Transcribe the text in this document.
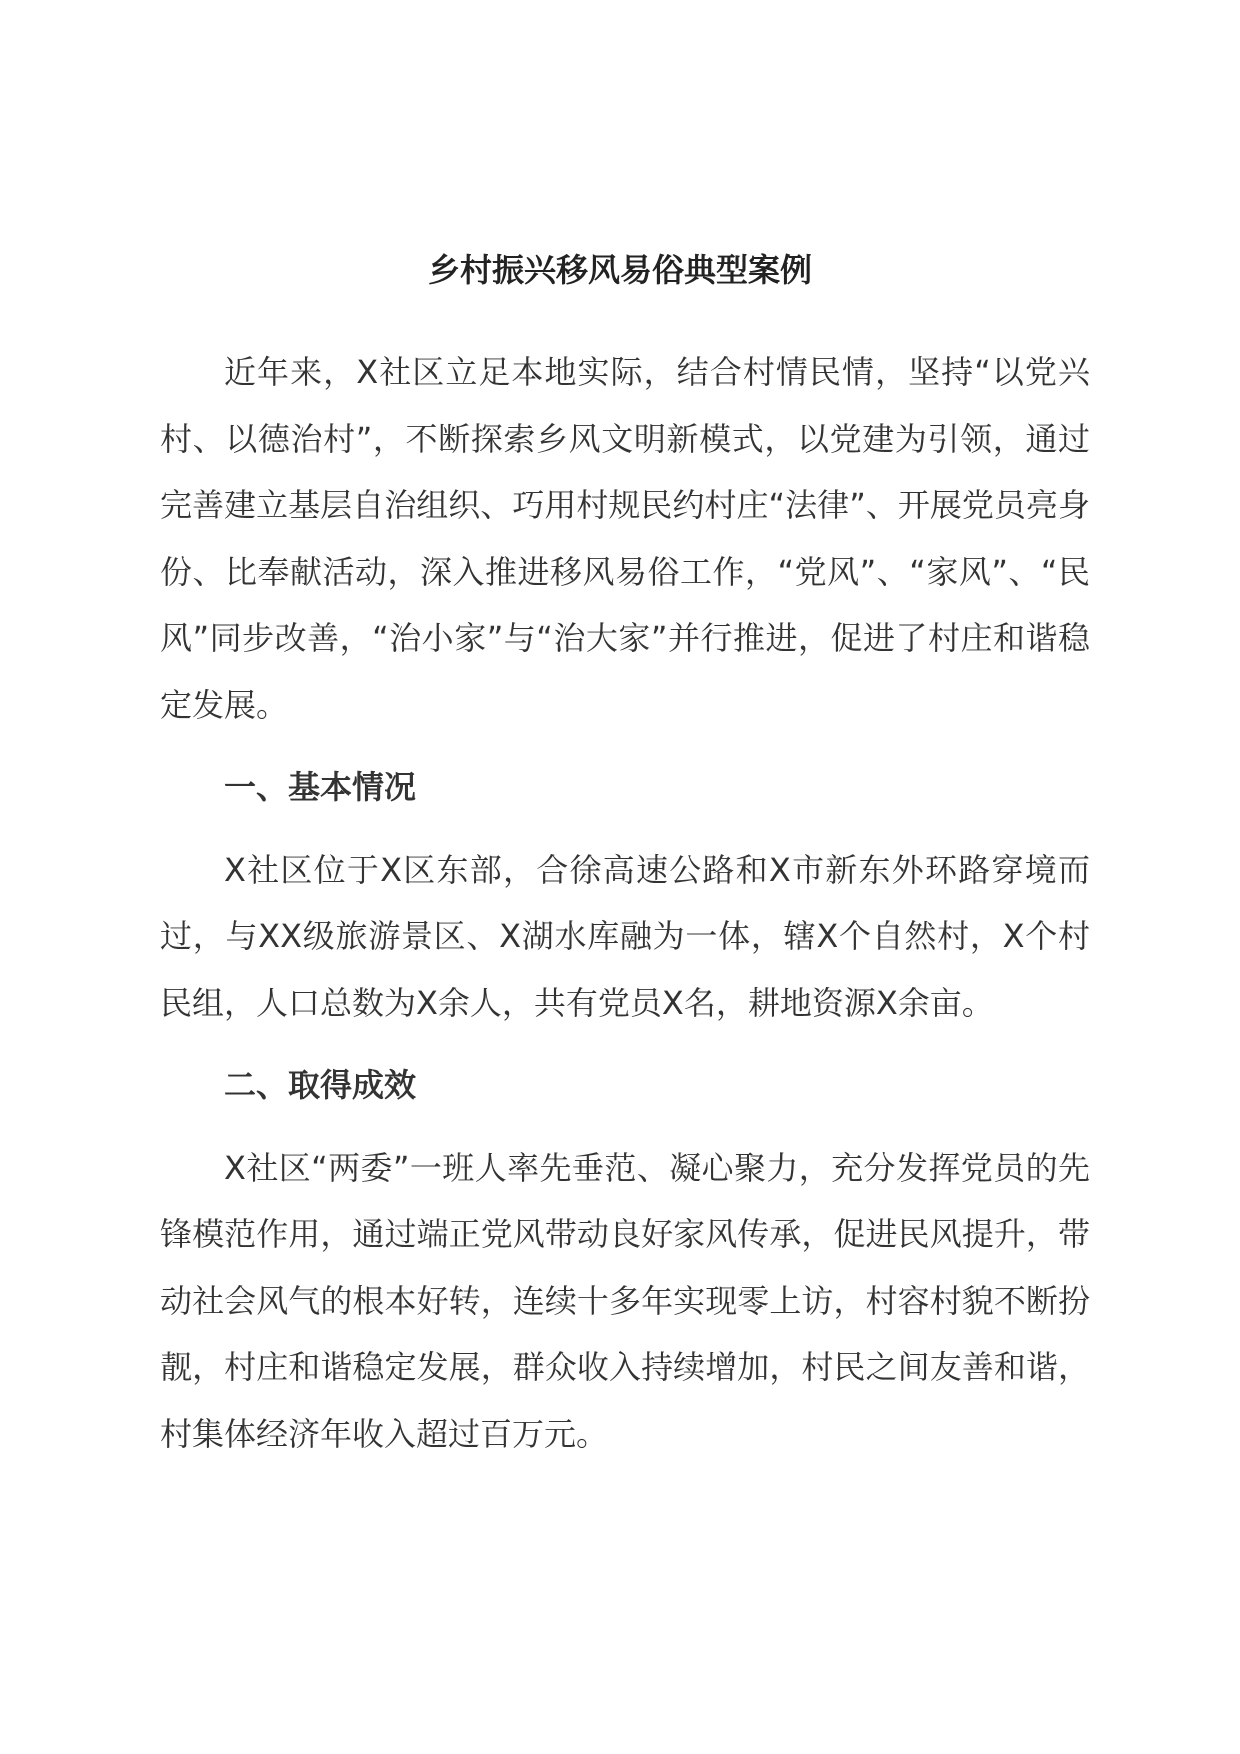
乡村振兴移风易俗典型案例

近年来，X社区立足本地实际，结合村情民情，坚持“以党兴村、以德治村”，不断探索乡风文明新模式，以党建为引领，通过完善建立基层自治组织、巧用村规民约村庄“法律”、开展党员亮身份、比奉献活动，深入推进移风易俗工作，“党风”、“家风”、“民风”同步改善，“治小家”与“治大家”并行推进，促进了村庄和谐稳定发展。

一、基本情况

X社区位于X区东部，合徐高速公路和X市新东外环路穿境而过，与XX级旅游景区、X湖水库融为一体，辖X个自然村，X个村民组，人口总数为X余人，共有党员X名，耕地资源X余亩。

二、取得成效

X社区“两委”一班人率先垂范、凝心聚力，充分发挥党员的先锋模范作用，通过端正党风带动良好家风传承，促进民风提升，带动社会风气的根本好转，连续十多年实现零上访，村容村貌不断扮靓，村庄和谐稳定发展，群众收入持续增加，村民之间友善和谐，村集体经济年收入超过百万元。
